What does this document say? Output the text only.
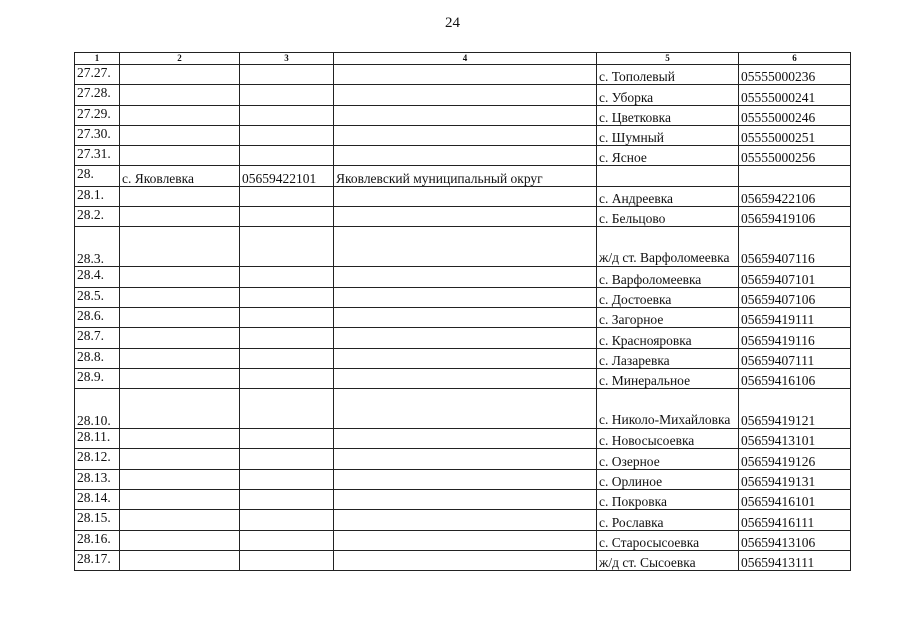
24
1	2	3	4	5	6
27.27.				с. Тополевый	05555000236
27.28.				с. Уборка	05555000241
27.29.				с. Цветковка	05555000246
27.30.				с. Шумный	05555000251
27.31.				с. Ясное	05555000256
28.	с. Яковлевка	05659422101	Яковлевский муниципальный округ		
28.1.				с. Андреевка	05659422106
28.2.				с. Бельцово	05659419106
28.3.				ж/д ст. Варфоломеевка	05659407116
28.4.				с. Варфоломеевка	05659407101
28.5.				с. Достоевка	05659407106
28.6.				с. Загорное	05659419111
28.7.				с. Краснояровка	05659419116
28.8.				с. Лазаревка	05659407111
28.9.				с. Минеральное	05659416106
28.10.				с. Николо-Михайловка	05659419121
28.11.				с. Новосысоевка	05659413101
28.12.				с. Озерное	05659419126
28.13.				с. Орлиное	05659419131
28.14.				с. Покровка	05659416101
28.15.				с. Рославка	05659416111
28.16.				с. Старосысоевка	05659413106
28.17.				ж/д ст. Сысоевка	05659413111
